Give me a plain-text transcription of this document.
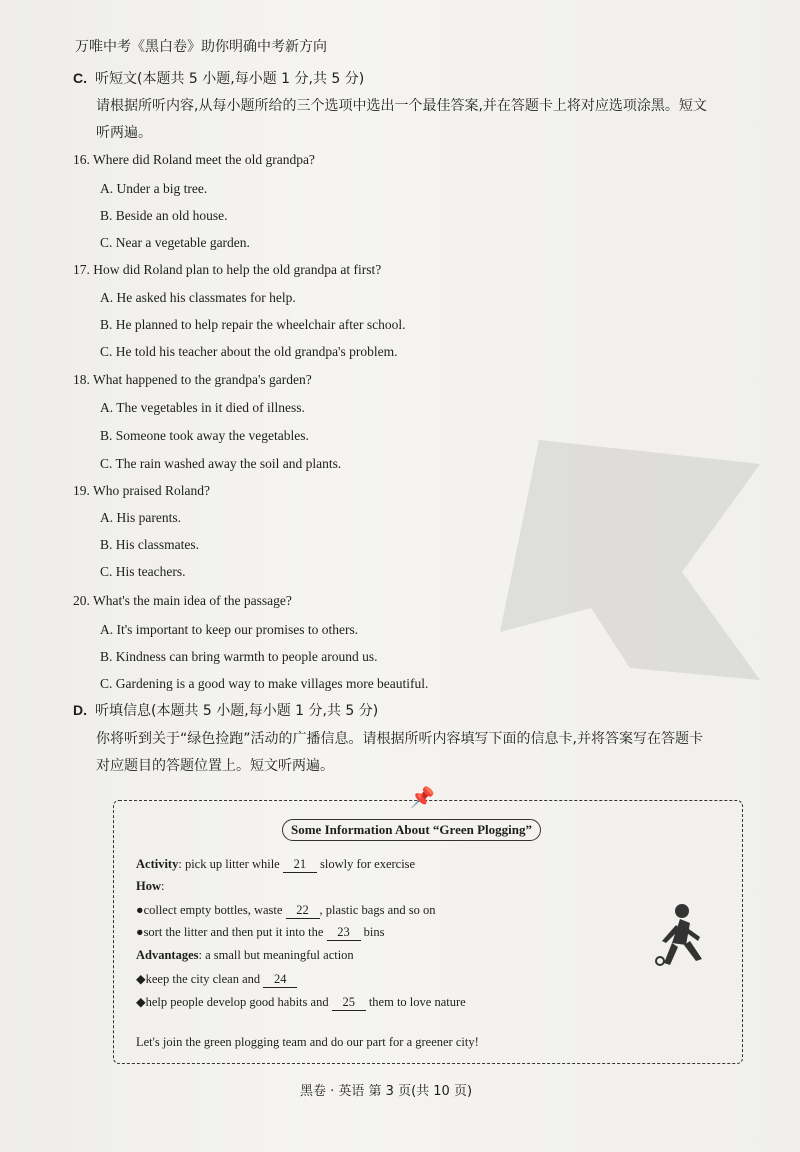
万唯中考《黑白卷》助你明确中考新方向
C. 听短文(本题共 5 小题,每小题 1 分,共 5 分)
请根据所听内容,从每小题所给的三个选项中选出一个最佳答案,并在答题卡上将对应选项涂黑。短文
听两遍。
16. Where did Roland meet the old grandpa?
A. Under a big tree.
B. Beside an old house.
C. Near a vegetable garden.
17. How did Roland plan to help the old grandpa at first?
A. He asked his classmates for help.
B. He planned to help repair the wheelchair after school.
C. He told his teacher about the old grandpa's problem.
18. What happened to the grandpa's garden?
A. The vegetables in it died of illness.
B. Someone took away the vegetables.
C. The rain washed away the soil and plants.
19. Who praised Roland?
A. His parents.
B. His classmates.
C. His teachers.
20. What's the main idea of the passage?
A. It's important to keep our promises to others.
B. Kindness can bring warmth to people around us.
C. Gardening is a good way to make villages more beautiful.
D. 听填信息(本题共 5 小题,每小题 1 分,共 5 分)
你将听到关于“绿色捡跑”活动的广播信息。请根据所听内容填写下面的信息卡,并将答案写在答题卡
对应题目的答题位置上。短文听两遍。
📌
Some Information About “Green Plogging”
Activity: pick up litter while 21 slowly for exercise
How:
●collect empty bottles, waste 22 , plastic bags and so on
●sort the litter and then put it into the 23 bins
Advantages: a small but meaningful action
◆keep the city clean and 24
◆help people develop good habits and 25 them to love nature
Let's join the green plogging team and do our part for a greener city!
黑卷 · 英语 第 3 页(共 10 页)
